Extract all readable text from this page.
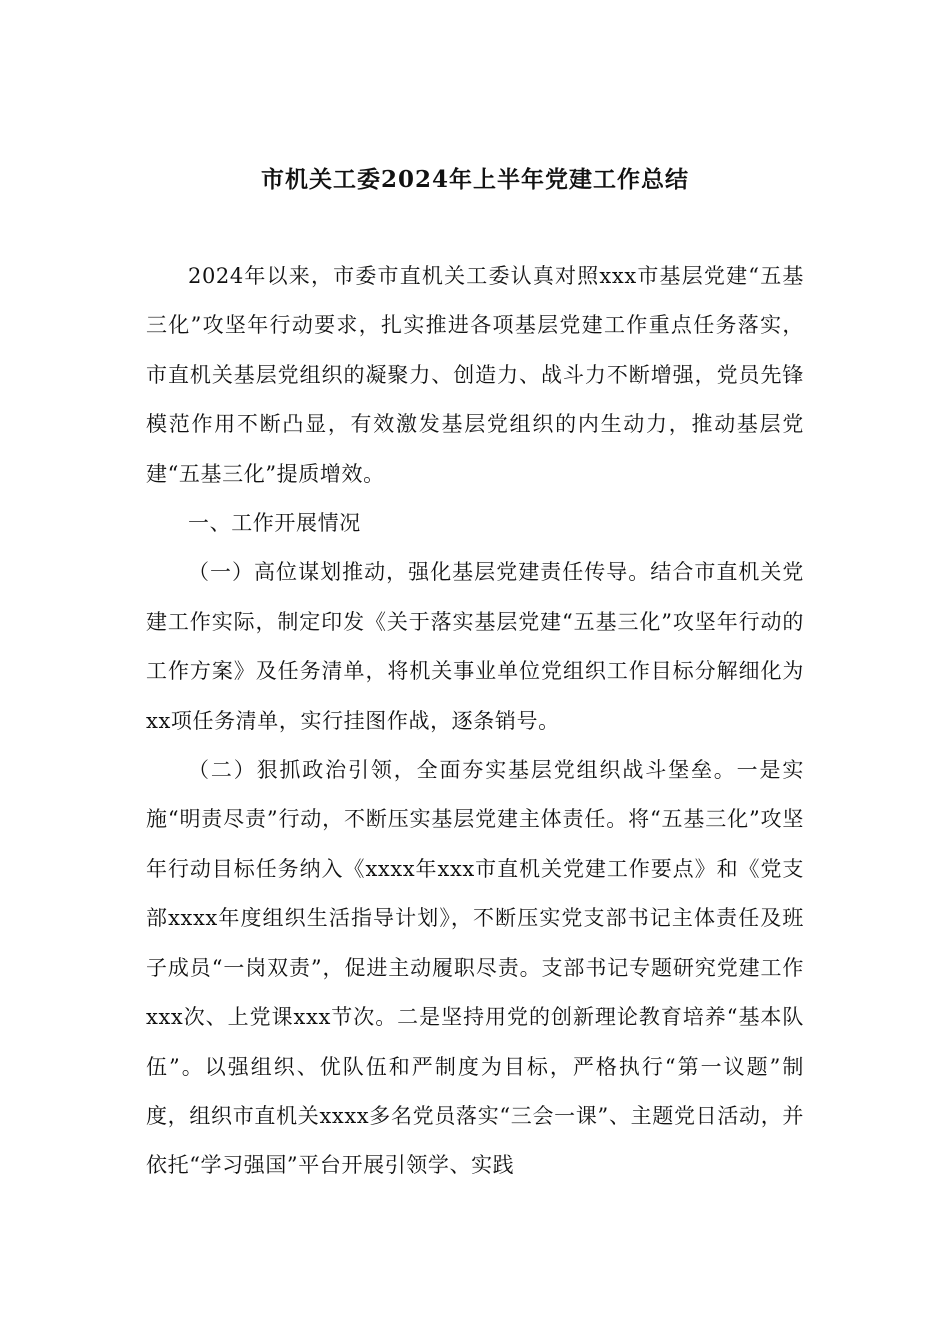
市机关工委2024年上半年党建工作总结

2024年以来，市委市直机关工委认真对照xxx市基层党建“五基三化”攻坚年行动要求，扎实推进各项基层党建工作重点任务落实，市直机关基层党组织的凝聚力、创造力、战斗力不断增强，党员先锋模范作用不断凸显，有效激发基层党组织的内生动力，推动基层党建“五基三化”提质增效。

一、工作开展情况

（一）高位谋划推动，强化基层党建责任传导。结合市直机关党建工作实际，制定印发《关于落实基层党建“五基三化”攻坚年行动的工作方案》及任务清单，将机关事业单位党组织工作目标分解细化为xx项任务清单，实行挂图作战，逐条销号。

（二）狠抓政治引领，全面夯实基层党组织战斗堡垒。一是实施“明责尽责”行动，不断压实基层党建主体责任。将“五基三化”攻坚年行动目标任务纳入《xxxx年xxx市直机关党建工作要点》和《党支部xxxx年度组织生活指导计划》，不断压实党支部书记主体责任及班子成员“一岗双责”，促进主动履职尽责。支部书记专题研究党建工作xxx次、上党课xxx节次。二是坚持用党的创新理论教育培养“基本队伍”。以强组织、优队伍和严制度为目标，严格执行“第一议题”制度，组织市直机关xxxx多名党员落实“三会一课”、主题党日活动，并依托“学习强国”平台开展引领学、实践
